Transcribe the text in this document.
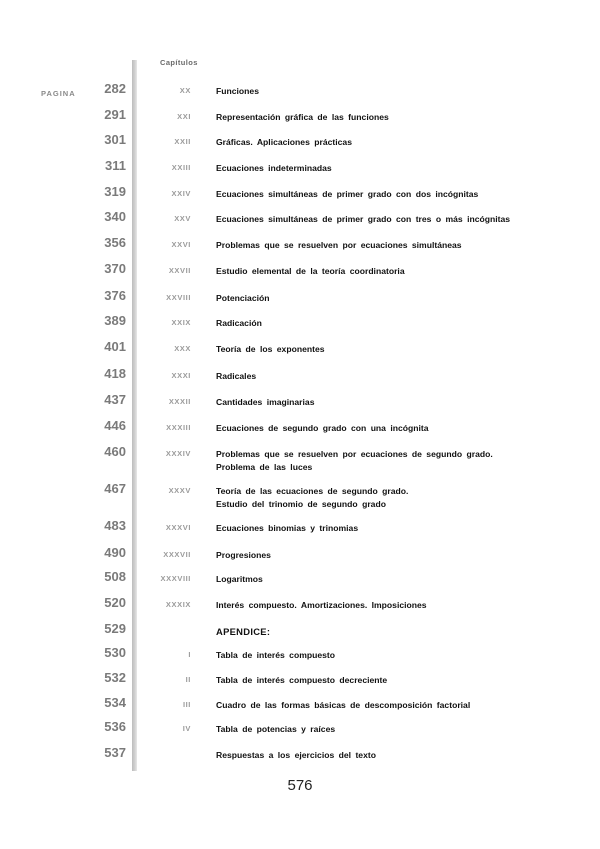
Capítulos
PAGINA	282	XX	Funciones
291	XXI	Representación gráfica de las funciones
301	XXII	Gráficas. Aplicaciones prácticas
311	XXIII	Ecuaciones indeterminadas
319	XXIV	Ecuaciones simultáneas de primer grado con dos incógnitas
340	XXV	Ecuaciones simultáneas de primer grado con tres o más incógnitas
356	XXVI	Problemas que se resuelven por ecuaciones simultáneas
370	XXVII	Estudio elemental de la teoría coordinatoria
376	XXVIII	Potenciación
389	XXIX	Radicación
401	XXX	Teoría de los exponentes
418	XXXI	Radicales
437	XXXII	Cantidades imaginarias
446	XXXIII	Ecuaciones de segundo grado con una incógnita
460	XXXIV	Problemas que se resuelven por ecuaciones de segundo grado.
Problema de las luces
467	XXXV	Teoría de las ecuaciones de segundo grado.
Estudio del trinomio de segundo grado
483	XXXVI	Ecuaciones binomias y trinomias
490	XXXVII	Progresiones
508	XXXVIII	Logaritmos
520	XXXIX	Interés compuesto. Amortizaciones. Imposiciones
529	APENDICE:
530	I	Tabla de interés compuesto
532	II	Tabla de interés compuesto decreciente
534	III	Cuadro de las formas básicas de descomposición factorial
536	IV	Tabla de potencias y raíces
537	Respuestas a los ejercicios del texto
576
